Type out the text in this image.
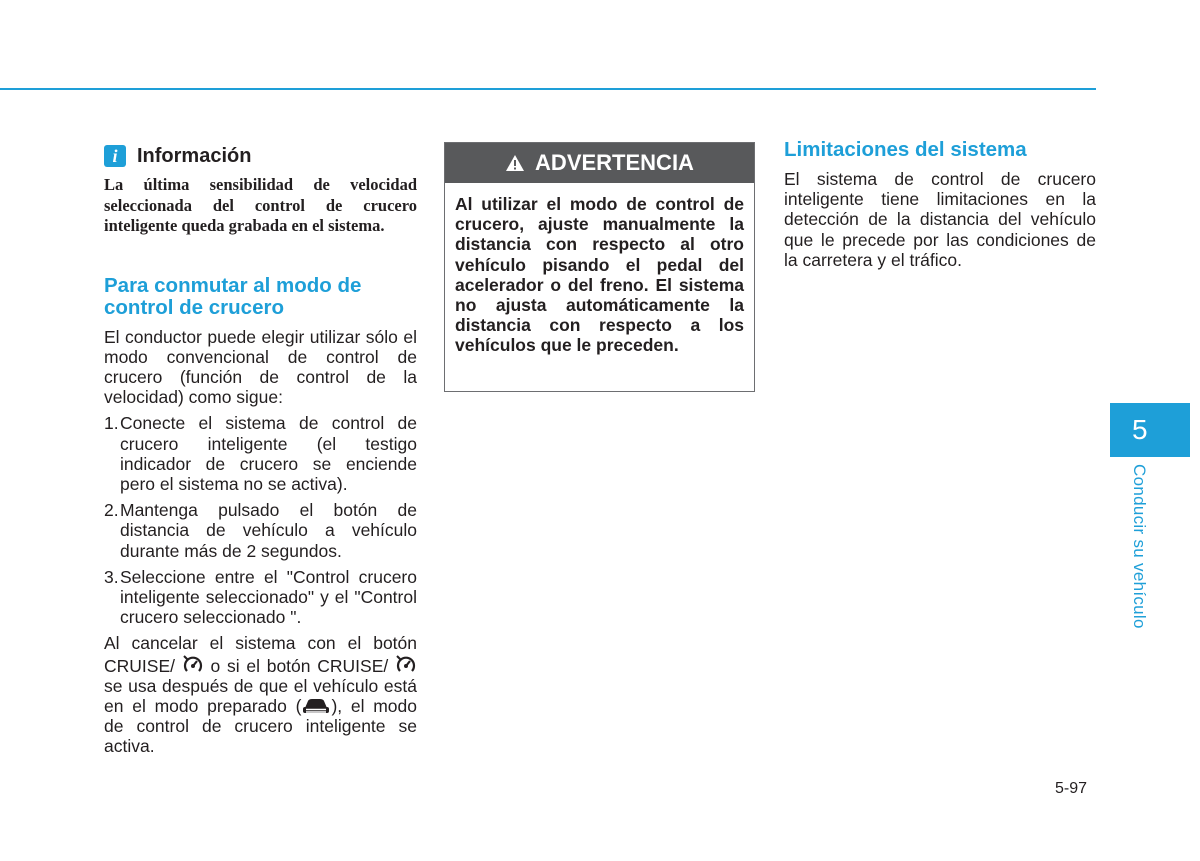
i Información
La última sensibilidad de velocidad seleccionada del control de crucero inteligente queda grabada en el sistema.
Para conmutar al modo de control de crucero
El conductor puede elegir utilizar sólo el modo convencional de control de crucero (función de control de la velocidad) como sigue:
1. Conecte el sistema de control de crucero inteligente (el testigo indicador de crucero se enciende pero el sistema no se activa).
2. Mantenga pulsado el botón de distancia de vehículo a vehículo durante más de 2 segundos.
3. Seleccione entre el "Control crucero inteligente seleccionado" y el "Control crucero seleccionado ".
Al cancelar el sistema con el botón CRUISE/  o si el botón CRUISE/  se usa después de que el vehículo está en el modo preparado ( ), el modo de control de crucero inteligente se activa.
ADVERTENCIA
Al utilizar el modo de control de crucero, ajuste manualmente la distancia con respecto al otro vehículo pisando el pedal del acelerador o del freno. El sistema no ajusta automáticamente la distancia con respecto a los vehículos que le preceden.
Limitaciones del sistema
El sistema de control de crucero inteligente tiene limitaciones en la detección de la distancia del vehículo que le precede por las condiciones de la carretera y el tráfico.
5
Conducir su vehículo
5-97
